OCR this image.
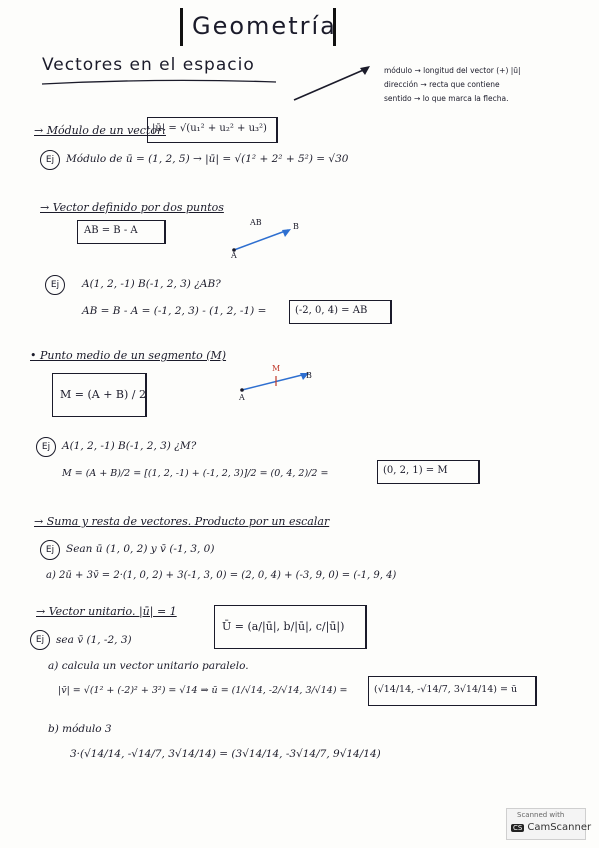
Geometría
Vectores en el espacio	módulo → longitud del vector (+) |ū|
dirección → recta que contiene
sentido → lo que marca la flecha.
→ Módulo de un vector:
|ū| = √(u₁² + u₂² + u₃²)
Ej	Módulo de ū = (1, 2, 5) → |ū| = √(1² + 2² + 5²) = √30
→ Vector definido por dos puntos
AB = B - A
AB
A
B
Ej	A(1, 2, -1) B(-1, 2, 3) ¿AB?
AB = B - A = (-1, 2, 3) - (1, 2, -1) =	(-2, 0, 4) = AB
• Punto medio de un segmento (M)
M = (A + B) / 2
M
A
B
Ej	A(1, 2, -1) B(-1, 2, 3) ¿M?
M = (A + B)/2 = [(1, 2, -1) + (-1, 2, 3)]/2 = (0, 4, 2)/2 =	(0, 2, 1) = M
→ Suma y resta de vectores. Producto por un escalar
Ej	Sean ū (1, 0, 2) y v̄ (-1, 3, 0)
a) 2ū + 3v̄ = 2·(1, 0, 2) + 3(-1, 3, 0) = (2, 0, 4) + (-3, 9, 0) = (-1, 9, 4)
→ Vector unitario. |ū| = 1
Ū = (a/|ū|, b/|ū|, c/|ū|)
Ej	sea v̄ (1, -2, 3)
a) calcula un vector unitario paralelo.
|v̄| = √(1² + (-2)² + 3²) = √14 ⇒ ū = (1/√14, -2/√14, 3/√14) =	(√14/14, -√14/7, 3√14/14) = ū
b) módulo 3
3·(√14/14, -√14/7, 3√14/14) = (3√14/14, -3√14/7, 9√14/14)
Scanned with
CS CamScanner
